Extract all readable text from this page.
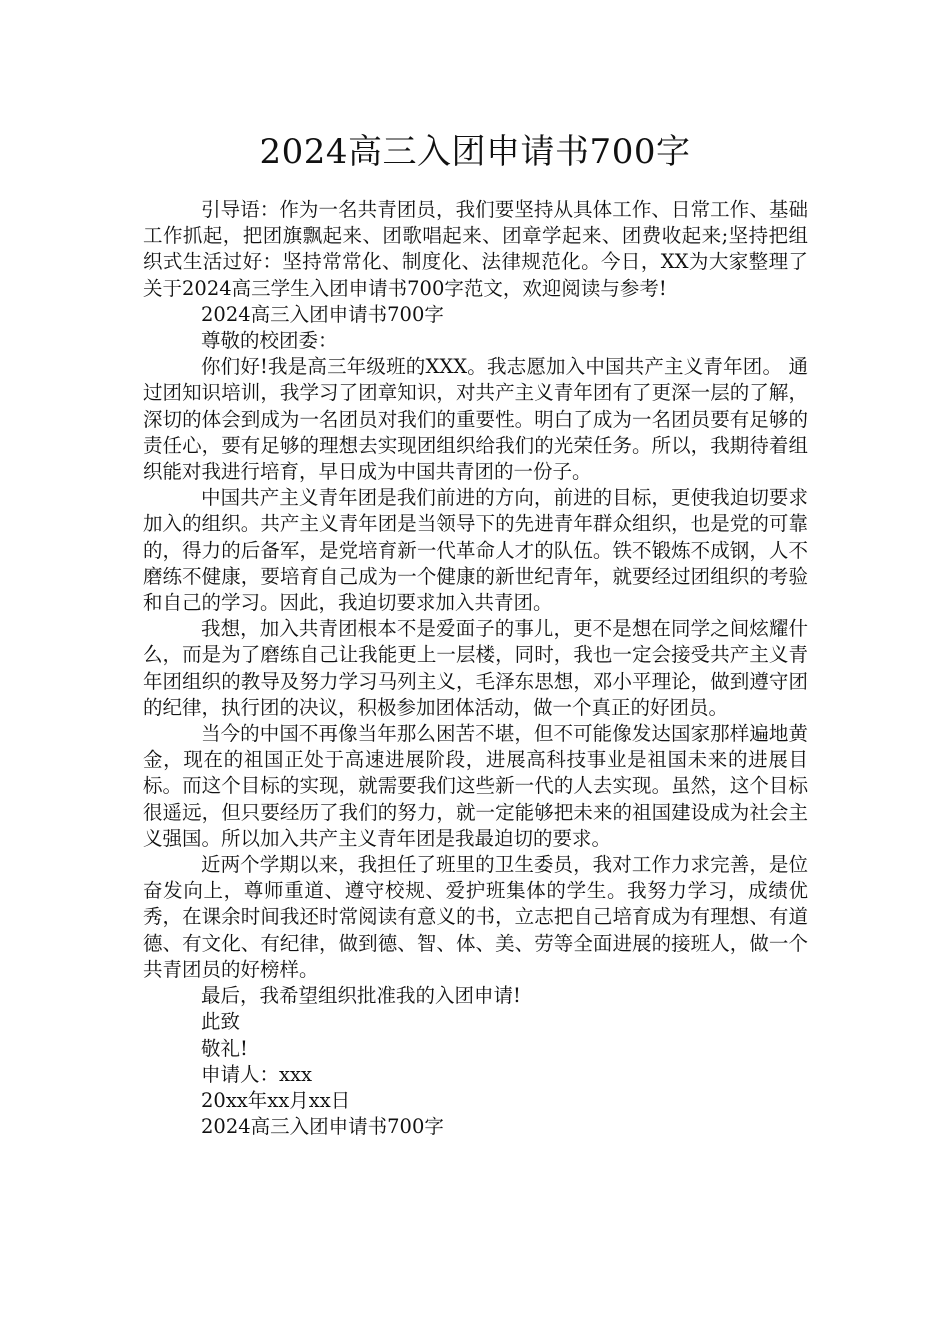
2024高三入团申请书700字

引导语：作为一名共青团员，我们要坚持从具体工作、日常工作、基础工作抓起，把团旗飘起来、团歌唱起来、团章学起来、团费收起来;坚持把组织式生活过好：坚持常常化、制度化、法律规范化。今日，XX为大家整理了关于2024高三学生入团申请书700字范文，欢迎阅读与参考!

2024高三入团申请书700字

尊敬的校团委：

你们好!我是高三年级班的XXX。我志愿加入中国共产主义青年团。 通过团知识培训，我学习了团章知识，对共产主义青年团有了更深一层的了解， 深切的体会到成为一名团员对我们的重要性。明白了成为一名团员要有足够的责任心，要有足够的理想去实现团组织给我们的光荣任务。所以，我期待着组织能对我进行培育，早日成为中国共青团的一份子。

中国共产主义青年团是我们前进的方向，前进的目标，更使我迫切要求加入的组织。共产主义青年团是当领导下的先进青年群众组织，也是党的可靠的，得力的后备军，是党培育新一代革命人才的队伍。铁不锻炼不成钢，人不磨练不健康，要培育自己成为一个健康的新世纪青年，就要经过团组织的考验和自己的学习。因此，我迫切要求加入共青团。

我想，加入共青团根本不是爱面子的事儿，更不是想在同学之间炫耀什么，而是为了磨练自己让我能更上一层楼，同时，我也一定会接受共产主义青年团组织的教导及努力学习马列主义，毛泽东思想，邓小平理论，做到遵守团的纪律，执行团的决议，积极参加团体活动，做一个真正的好团员。

当今的中国不再像当年那么困苦不堪，但不可能像发达国家那样遍地黄金，现在的祖国正处于高速进展阶段，进展高科技事业是祖国未来的进展目标。而这个目标的实现，就需要我们这些新一代的人去实现。虽然，这个目标很遥远，但只要经历了我们的努力，就一定能够把未来的祖国建设成为社会主义强国。所以加入共产主义青年团是我最迫切的要求。

近两个学期以来，我担任了班里的卫生委员，我对工作力求完善，是位奋发向上，尊师重道、遵守校规、爱护班集体的学生。我努力学习，成绩优秀，在课余时间我还时常阅读有意义的书，立志把自己培育成为有理想、有道德、有文化、有纪律，做到德、智、体、美、劳等全面进展的接班人，做一个共青团员的好榜样。

最后，我希望组织批准我的入团申请!

此致

敬礼!

申请人：xxx

20xx年xx月xx日

2024高三入团申请书700字
